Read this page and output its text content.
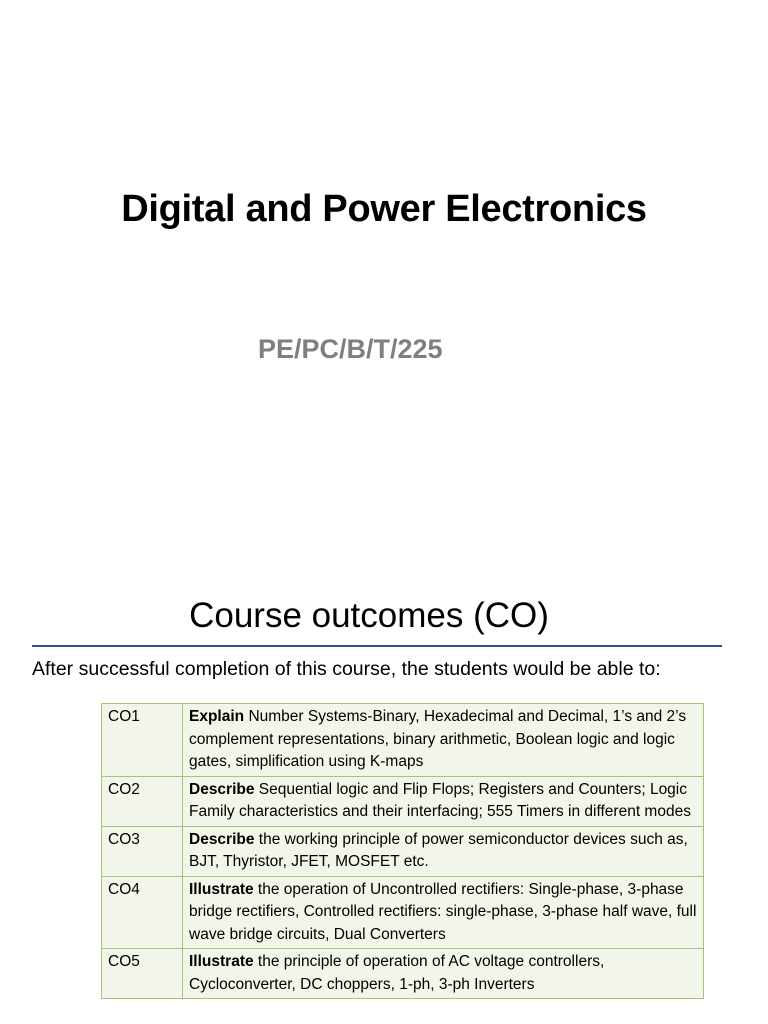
Digital and Power Electronics
PE/PC/B/T/225
Course outcomes (CO)
After successful completion of this course, the students would be able to:
CO1	Explain Number Systems-Binary, Hexadecimal and Decimal, 1’s and 2’s complement representations, binary arithmetic, Boolean logic and logic gates, simplification using K-maps
CO2	Describe Sequential logic and Flip Flops; Registers and Counters; Logic Family characteristics and their interfacing; 555 Timers in different modes
CO3	Describe the working principle of power semiconductor devices such as, BJT, Thyristor, JFET, MOSFET etc.
CO4	Illustrate the operation of Uncontrolled rectifiers: Single-phase, 3-phase bridge rectifiers, Controlled rectifiers: single-phase, 3-phase half wave, full wave bridge circuits, Dual Converters
CO5	Illustrate the principle of operation of AC voltage controllers, Cycloconverter, DC choppers, 1-ph, 3-ph Inverters
